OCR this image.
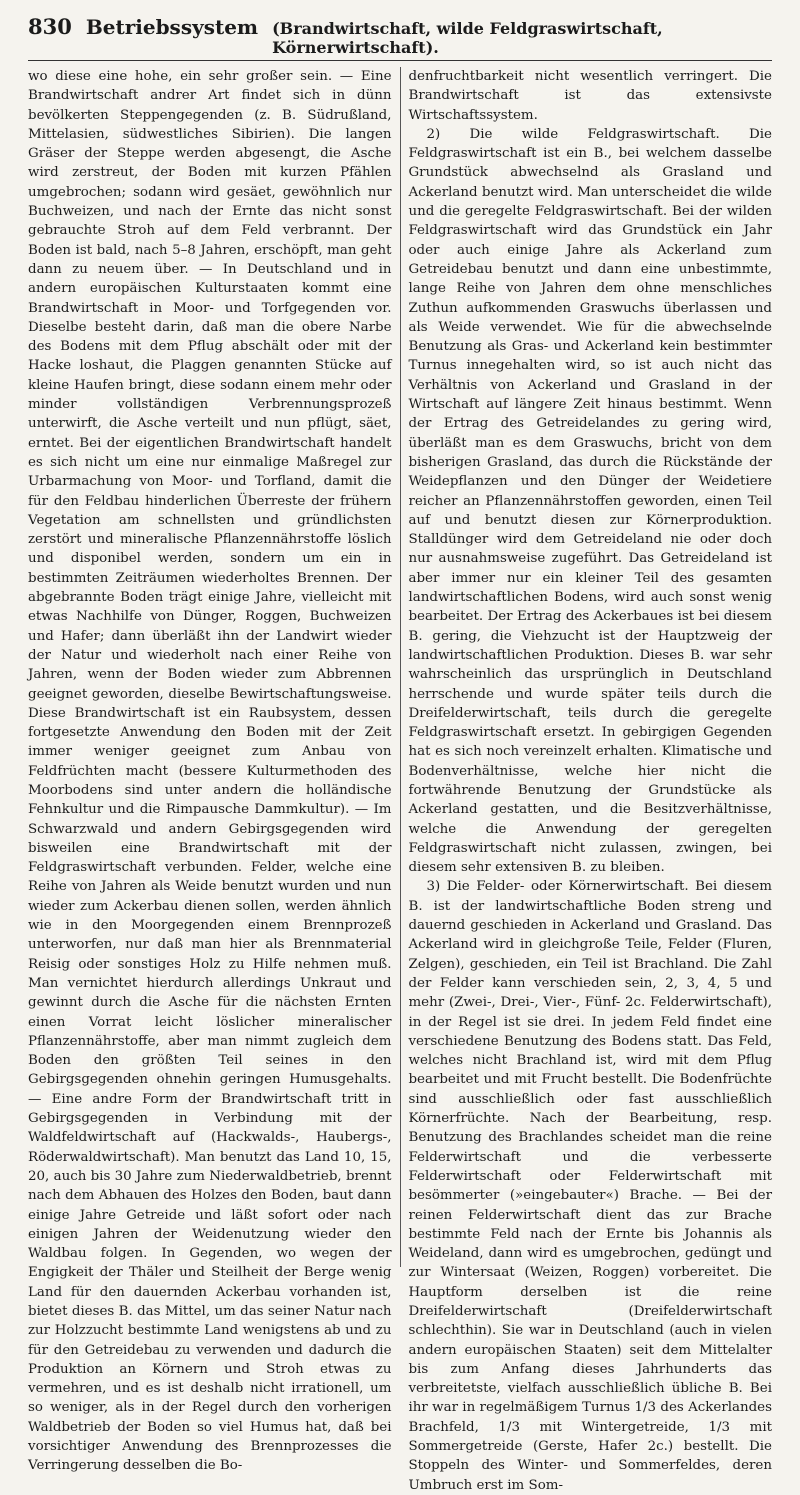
830 Betriebssystem (Brandwirtschaft, wilde Feldgraswirtschaft, Körnerwirtschaft).

wo diese eine hohe, ein sehr großer sein. — Eine Brandwirtschaft andrer Art findet sich in dünn bevölkerten Steppengegenden (z. B. Südrußland, Mittelasien, südwestliches Sibirien). Die langen Gräser der Steppe werden abgesengt, die Asche wird zerstreut, der Boden mit kurzen Pfählen umgebrochen; sodann wird gesäet, gewöhnlich nur Buchweizen, und nach der Ernte das nicht sonst gebrauchte Stroh auf dem Feld verbrannt. Der Boden ist bald, nach 5–8 Jahren, erschöpft, man geht dann zu neuem über. — In Deutschland und in andern europäischen Kulturstaaten kommt eine Brandwirtschaft in Moor- und Torfgegenden vor. Dieselbe besteht darin, daß man die obere Narbe des Bodens mit dem Pflug abschält oder mit der Hacke loshaut, die Plaggen genannten Stücke auf kleine Haufen bringt, diese sodann einem mehr oder minder vollständigen Verbrennungsprozeß unterwirft, die Asche verteilt und nun pflügt, säet, erntet. Bei der eigentlichen Brandwirtschaft handelt es sich nicht um eine nur einmalige Maßregel zur Urbarmachung von Moor- und Torfland, damit die für den Feldbau hinderlichen Überreste der frühern Vegetation am schnellsten und gründlichsten zerstört und mineralische Pflanzennährstoffe löslich und disponibel werden, sondern um ein in bestimmten Zeiträumen wiederholtes Brennen. Der abgebrannte Boden trägt einige Jahre, vielleicht mit etwas Nachhilfe von Dünger, Roggen, Buchweizen und Hafer; dann überläßt ihn der Landwirt wieder der Natur und wiederholt nach einer Reihe von Jahren, wenn der Boden wieder zum Abbrennen geeignet geworden, dieselbe Bewirtschaftungsweise. Diese Brandwirtschaft ist ein Raubsystem, dessen fortgesetzte Anwendung den Boden mit der Zeit immer weniger geeignet zum Anbau von Feldfrüchten macht (bessere Kulturmethoden des Moorbodens sind unter andern die holländische Fehnkultur und die Rimpausche Dammkultur). — Im Schwarzwald und andern Gebirgsgegenden wird bisweilen eine Brandwirtschaft mit der Feldgraswirtschaft verbunden. Felder, welche eine Reihe von Jahren als Weide benutzt wurden und nun wieder zum Ackerbau dienen sollen, werden ähnlich wie in den Moorgegenden einem Brennprozeß unterworfen, nur daß man hier als Brennmaterial Reisig oder sonstiges Holz zu Hilfe nehmen muß. Man vernichtet hierdurch allerdings Unkraut und gewinnt durch die Asche für die nächsten Ernten einen Vorrat leicht löslicher mineralischer Pflanzennährstoffe, aber man nimmt zugleich dem Boden den größten Teil seines in den Gebirgsgegenden ohnehin geringen Humusgehalts. — Eine andre Form der Brandwirtschaft tritt in Gebirgsgegenden in Verbindung mit der Waldfeldwirtschaft auf (Hackwalds-, Haubergs-, Röderwaldwirtschaft). Man benutzt das Land 10, 15, 20, auch bis 30 Jahre zum Niederwaldbetrieb, brennt nach dem Abhauen des Holzes den Boden, baut dann einige Jahre Getreide und läßt sofort oder nach einigen Jahren der Weidenutzung wieder den Waldbau folgen. In Gegenden, wo wegen der Engigkeit der Thäler und Steilheit der Berge wenig Land für den dauernden Ackerbau vorhanden ist, bietet dieses B. das Mittel, um das seiner Natur nach zur Holzzucht bestimmte Land wenigstens ab und zu für den Getreidebau zu verwenden und dadurch die Produktion an Körnern und Stroh etwas zu vermehren, und es ist deshalb nicht irrationell, um so weniger, als in der Regel durch den vorherigen Waldbetrieb der Boden so viel Humus hat, daß bei vorsichtiger Anwendung des Brennprozesses die Verringerung desselben die Bo-

denfruchtbarkeit nicht wesentlich verringert. Die Brandwirtschaft ist das extensivste Wirtschaftssystem.

2) Die wilde Feldgraswirtschaft. Die Feldgraswirtschaft ist ein B., bei welchem dasselbe Grundstück abwechselnd als Grasland und Ackerland benutzt wird. Man unterscheidet die wilde und die geregelte Feldgraswirtschaft. Bei der wilden Feldgraswirtschaft wird das Grundstück ein Jahr oder auch einige Jahre als Ackerland zum Getreidebau benutzt und dann eine unbestimmte, lange Reihe von Jahren dem ohne menschliches Zuthun aufkommenden Graswuchs überlassen und als Weide verwendet. Wie für die abwechselnde Benutzung als Gras- und Ackerland kein bestimmter Turnus innegehalten wird, so ist auch nicht das Verhältnis von Ackerland und Grasland in der Wirtschaft auf längere Zeit hinaus bestimmt. Wenn der Ertrag des Getreidelandes zu gering wird, überläßt man es dem Graswuchs, bricht von dem bisherigen Grasland, das durch die Rückstände der Weidepflanzen und den Dünger der Weidetiere reicher an Pflanzennährstoffen geworden, einen Teil auf und benutzt diesen zur Körnerproduktion. Stalldünger wird dem Getreideland nie oder doch nur ausnahmsweise zugeführt. Das Getreideland ist aber immer nur ein kleiner Teil des gesamten landwirtschaftlichen Bodens, wird auch sonst wenig bearbeitet. Der Ertrag des Ackerbaues ist bei diesem B. gering, die Viehzucht ist der Hauptzweig der landwirtschaftlichen Produktion. Dieses B. war sehr wahrscheinlich das ursprünglich in Deutschland herrschende und wurde später teils durch die Dreifelderwirtschaft, teils durch die geregelte Feldgraswirtschaft ersetzt. In gebirgigen Gegenden hat es sich noch vereinzelt erhalten. Klimatische und Bodenverhältnisse, welche hier nicht die fortwährende Benutzung der Grundstücke als Ackerland gestatten, und die Besitzverhältnisse, welche die Anwendung der geregelten Feldgraswirtschaft nicht zulassen, zwingen, bei diesem sehr extensiven B. zu bleiben.

3) Die Felder- oder Körnerwirtschaft. Bei diesem B. ist der landwirtschaftliche Boden streng und dauernd geschieden in Ackerland und Grasland. Das Ackerland wird in gleichgroße Teile, Felder (Fluren, Zelgen), geschieden, ein Teil ist Brachland. Die Zahl der Felder kann verschieden sein, 2, 3, 4, 5 und mehr (Zwei-, Drei-, Vier-, Fünf- 2c. Felderwirtschaft), in der Regel ist sie drei. In jedem Feld findet eine verschiedene Benutzung des Bodens statt. Das Feld, welches nicht Brachland ist, wird mit dem Pflug bearbeitet und mit Frucht bestellt. Die Bodenfrüchte sind ausschließlich oder fast ausschließlich Körnerfrüchte. Nach der Bearbeitung, resp. Benutzung des Brachlandes scheidet man die reine Felderwirtschaft und die verbesserte Felderwirtschaft oder Felderwirtschaft mit besömmerter (»eingebauter«) Brache. — Bei der reinen Felderwirtschaft dient das zur Brache bestimmte Feld nach der Ernte bis Johannis als Weideland, dann wird es umgebrochen, gedüngt und zur Wintersaat (Weizen, Roggen) vorbereitet. Die Hauptform derselben ist die reine Dreifelderwirtschaft (Dreifelderwirtschaft schlechthin). Sie war in Deutschland (auch in vielen andern europäischen Staaten) seit dem Mittelalter bis zum Anfang dieses Jahrhunderts das verbreitetste, vielfach ausschließlich übliche B. Bei ihr war in regelmäßigem Turnus 1/3 des Ackerlandes Brachfeld, 1/3 mit Wintergetreide, 1/3 mit Sommergetreide (Gerste, Hafer 2c.) bestellt. Die Stoppeln des Winter- und Sommerfeldes, deren Umbruch erst im Som-
